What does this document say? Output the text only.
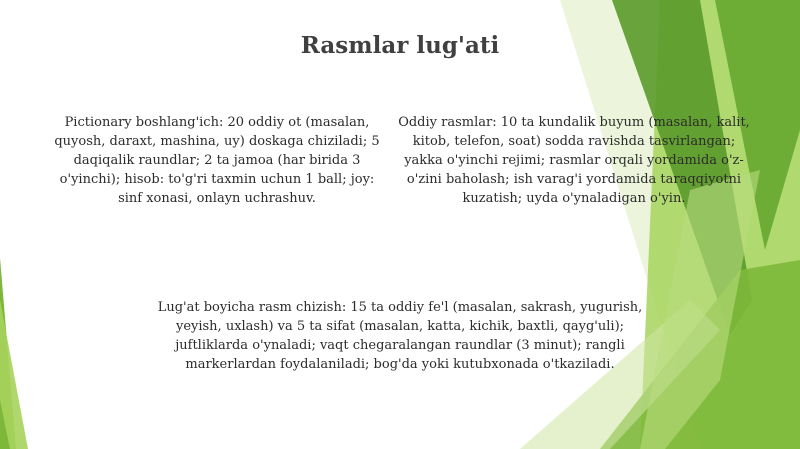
Rasmlar lug'ati
Pictionary boshlang'ich: 20 oddiy ot (masalan, quyosh, daraxt, mashina, uy) doskaga chiziladi; 5 daqiqalik raundlar; 2 ta jamoa (har birida 3 o'yinchi); hisob: to'g'ri taxmin uchun 1 ball; joy: sinf xonasi, onlayn uchrashuv.
Oddiy rasmlar: 10 ta kundalik buyum (masalan, kalit, kitob, telefon, soat) sodda ravishda tasvirlangan; yakka o'yinchi rejimi; rasmlar orqali yordamida o'z-o'zini baholash; ish varag'i yordamida taraqqiyotni kuzatish; uyda o'ynaladigan o'yin.
Lug'at boyicha rasm chizish: 15 ta oddiy fe'l (masalan, sakrash, yugurish, yeyish, uxlash) va 5 ta sifat (masalan, katta, kichik, baxtli, qayg'uli); juftliklarda o'ynaladi; vaqt chegaralangan raundlar (3 minut); rangli markerlardan foydalaniladi; bog'da yoki kutubxonada o'tkaziladi.
